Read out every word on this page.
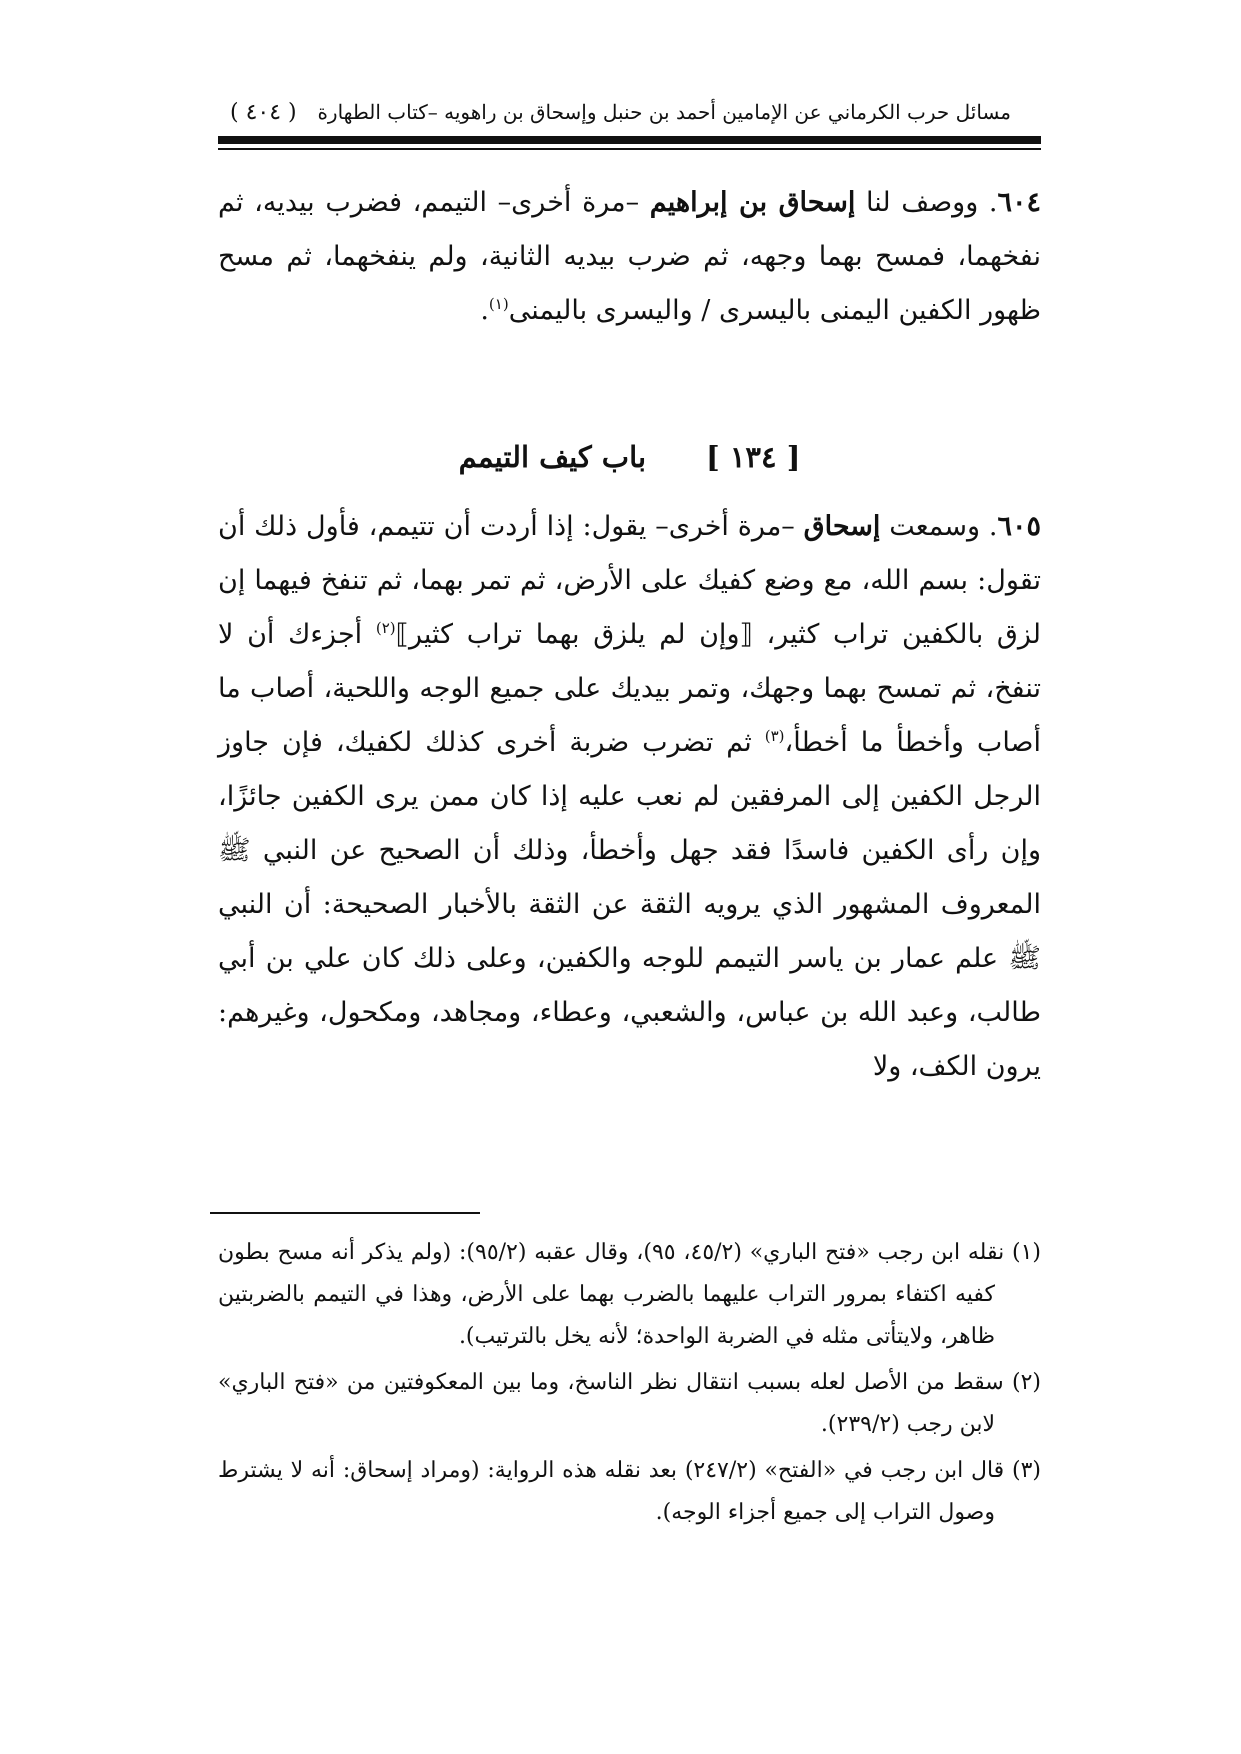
مسائل حرب الكرماني عن الإمامين أحمد بن حنبل وإسحاق بن راهويه –كتاب الطهارة
( ٤٠٤ )

٦٠٤. ووصف لنا إسحاق بن إبراهيم –مرة أخرى– التيمم، فضرب بيديه، ثم نفخهما، فمسح بهما وجهه، ثم ضرب بيديه الثانية، ولم ينفخهما، ثم مسح ظهور الكفين اليمنى باليسرى / واليسرى باليمنى$^{(١)}$.

[ ١٣٤ ]
باب كيف التيمم

٦٠٥. وسمعت إسحاق –مرة أخرى– يقول: إذا أردت أن تتيمم، فأول ذلك أن تقول: بسم الله، مع وضع كفيك على الأرض، ثم تمر بهما، ثم تنفخ فيهما إن لزق بالكفين تراب كثير، ⟦وإن لم يلزق بهما تراب كثير⟧$^{(٢)}$ أجزءك أن لا تنفخ، ثم تمسح بهما وجهك، وتمر بيديك على جميع الوجه واللحية، أصاب ما أصاب وأخطأ ما أخطأ،$^{(٣)}$ ثم تضرب ضربة أخرى كذلك لكفيك، فإن جاوز الرجل الكفين إلى المرفقين لم نعب عليه إذا كان ممن يرى الكفين جائزًا، وإن رأى الكفين فاسدًا فقد جهل وأخطأ، وذلك أن الصحيح عن النبي ﷺ المعروف المشهور الذي يرويه الثقة عن الثقة بالأخبار الصحيحة: أن النبي ﷺ علم عمار بن ياسر التيمم للوجه والكفين، وعلى ذلك كان علي بن أبي طالب، وعبد الله بن عباس، والشعبي، وعطاء، ومجاهد، ومكحول، وغيرهم: يرون الكف، ولا

(١) نقله ابن رجب «فتح الباري» (٤٥/٢، ٩٥)، وقال عقبه (٩٥/٢): (ولم يذكر أنه مسح بطون كفيه اكتفاء بمرور التراب عليهما بالضرب بهما على الأرض، وهذا في التيمم بالضربتين ظاهر، ولايتأتى مثله في الضربة الواحدة؛ لأنه يخل بالترتيب).

(٢) سقط من الأصل لعله بسبب انتقال نظر الناسخ، وما بين المعكوفتين من «فتح الباري» لابن رجب (٢٣٩/٢).

(٣) قال ابن رجب في «الفتح» (٢٤٧/٢) بعد نقله هذه الرواية: (ومراد إسحاق: أنه لا يشترط وصول التراب إلى جميع أجزاء الوجه).
